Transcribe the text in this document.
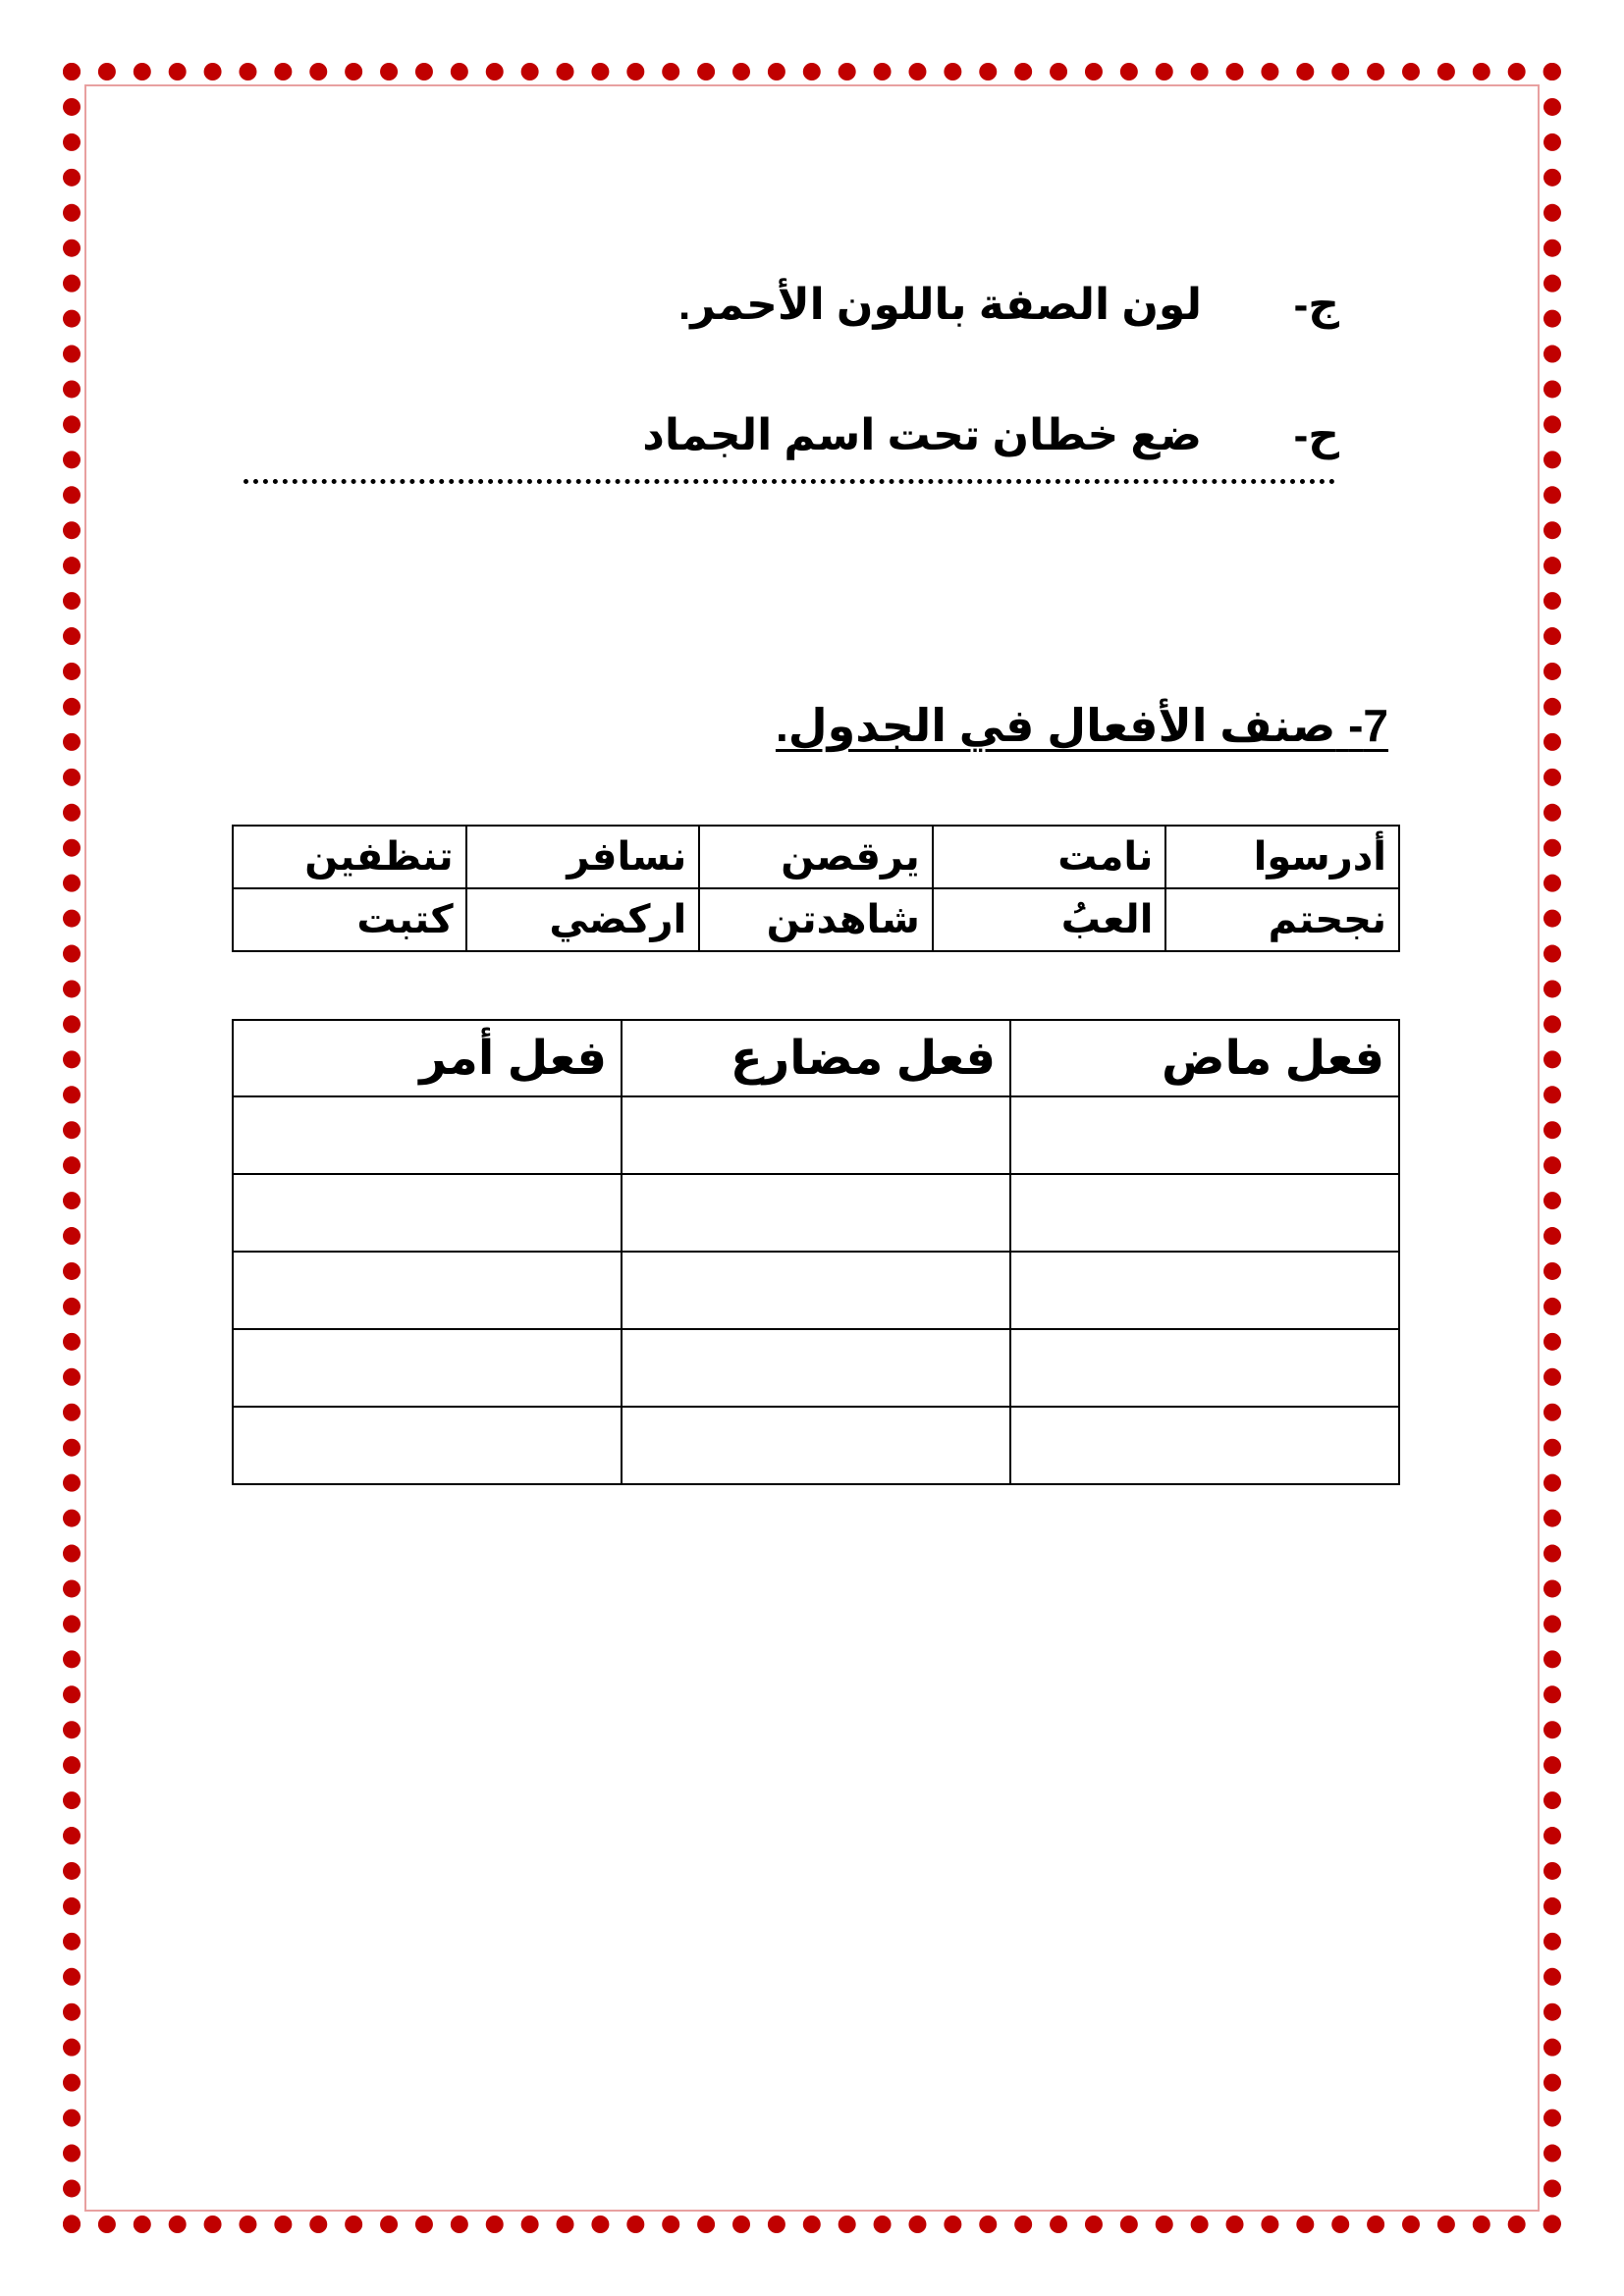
ج-لون الصفة باللون الأحمر.
ح-ضع خطان تحت اسم الجماد
7- صنف الأفعال في الجدول.
أدرسوا	نامت	يرقصن	نسافر	تنظفين
نجحتم	العبُ	شاهدتن	اركضي	كتبت
فعل ماض	فعل مضارع	فعل أمر
